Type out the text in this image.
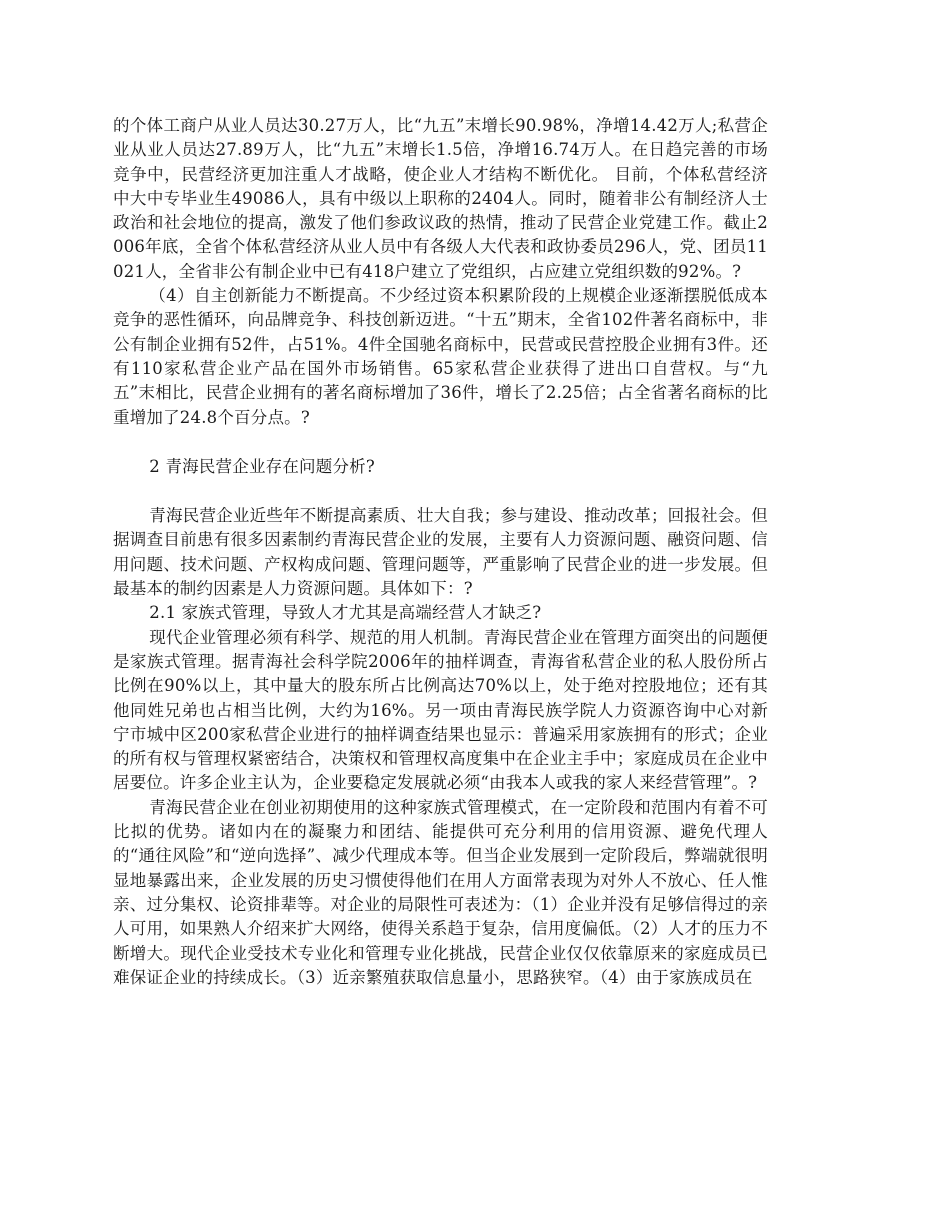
的个体工商户从业人员达30.27万人，比“九五”末增长90.98%，净增14.42万人;私营企业从业人员达27.89万人，比“九五”末增长1.5倍，净增16.74万人。在日趋完善的市场竞争中，民营经济更加注重人才战略，使企业人才结构不断优化。 目前，个体私营经济中大中专毕业生49086人，具有中级以上职称的2404人。同时，随着非公有制经济人士政治和社会地位的提高，激发了他们参政议政的热情，推动了民营企业党建工作。截止2006年底，全省个体私营经济从业人员中有各级人大代表和政协委员296人，党、团员11021人，全省非公有制企业中已有418户建立了党组织，占应建立党组织数的92%。?

（4）自主创新能力不断提高。不少经过资本积累阶段的上规模企业逐渐摆脱低成本竞争的恶性循环，向品牌竞争、科技创新迈进。“十五”期末，全省102件著名商标中，非公有制企业拥有52件，占51%。4件全国驰名商标中，民营或民营控股企业拥有3件。还有110家私营企业产品在国外市场销售。65家私营企业获得了进出口自营权。与“九五”末相比，民营企业拥有的著名商标增加了36件，增长了2.25倍；占全省著名商标的比重增加了24.8个百分点。?

2 青海民营企业存在问题分析?

青海民营企业近些年不断提高素质、壮大自我；参与建设、推动改革；回报社会。但据调查目前患有很多因素制约青海民营企业的发展，主要有人力资源问题、融资问题、信用问题、技术问题、产权构成问题、管理问题等，严重影响了民营企业的进一步发展。但最基本的制约因素是人力资源问题。具体如下：?

2.1 家族式管理，导致人才尤其是高端经营人才缺乏?

现代企业管理必须有科学、规范的用人机制。青海民营企业在管理方面突出的问题便是家族式管理。据青海社会科学院2006年的抽样调查，青海省私营企业的私人股份所占比例在90%以上，其中量大的股东所占比例高达70%以上，处于绝对控股地位；还有其他同姓兄弟也占相当比例，大约为16%。另一项由青海民族学院人力资源咨询中心对新宁市城中区200家私营企业进行的抽样调查结果也显示：普遍采用家族拥有的形式；企业的所有权与管理权紧密结合，决策权和管理权高度集中在企业主手中；家庭成员在企业中居要位。许多企业主认为，企业要稳定发展就必须“由我本人或我的家人来经营管理”。?

青海民营企业在创业初期使用的这种家族式管理模式，在一定阶段和范围内有着不可比拟的优势。诸如内在的凝聚力和团结、能提供可充分利用的信用资源、避免代理人的“通往风险”和“逆向选择”、减少代理成本等。但当企业发展到一定阶段后，弊端就很明显地暴露出来，企业发展的历史习惯使得他们在用人方面常表现为对外人不放心、任人惟亲、过分集权、论资排辈等。对企业的局限性可表述为：（1）企业并没有足够信得过的亲人可用，如果熟人介绍来扩大网络，使得关系趋于复杂，信用度偏低。（2）人才的压力不断增大。现代企业受技术专业化和管理专业化挑战，民营企业仅仅依靠原来的家庭成员已难保证企业的持续成长。（3）近亲繁殖获取信息量小，思路狭窄。（4）由于家族成员在
